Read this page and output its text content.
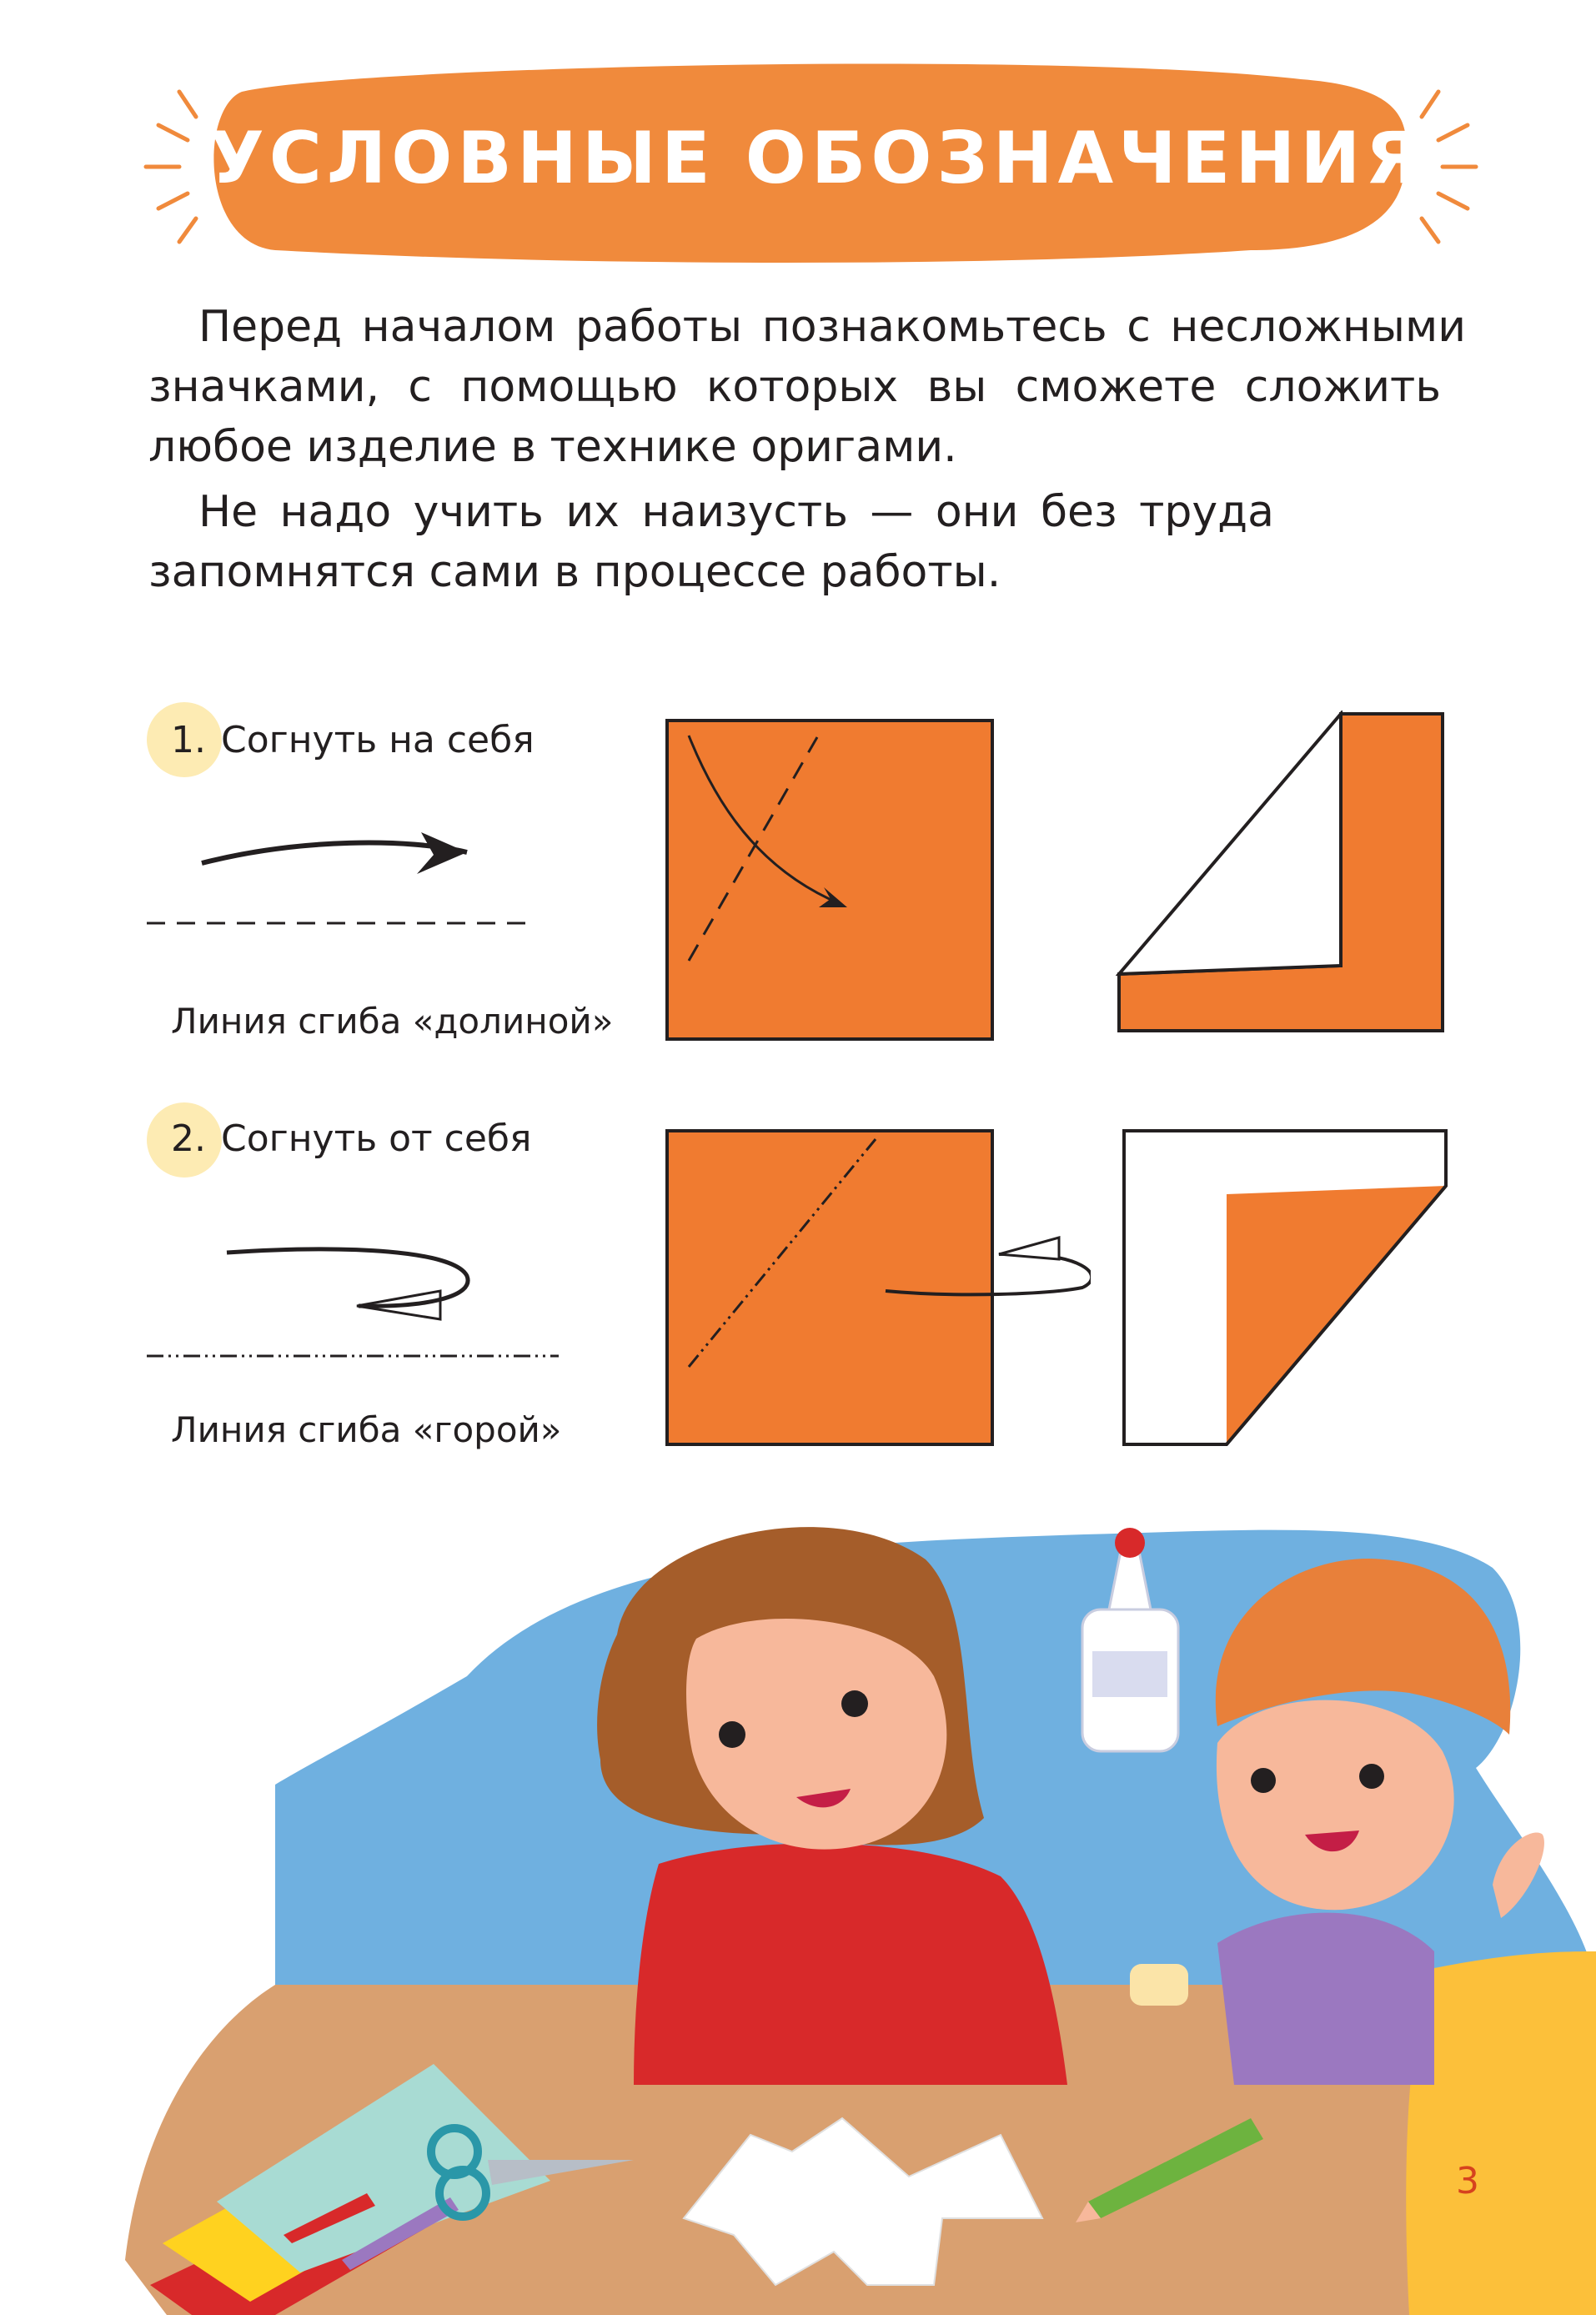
УСЛОВНЫЕ ОБОЗНАЧЕНИЯ
Перед началом работы познакомьтесь с несложными
значками, с помощью которых вы сможете сложить
любое изделие в технике оригами.
Не надо учить их наизусть — они без труда
запомнятся сами в процессе работы.
1. Согнуть на себя
Линия сгиба «долиной»
2. Согнуть от себя
Линия сгиба «горой»
3
